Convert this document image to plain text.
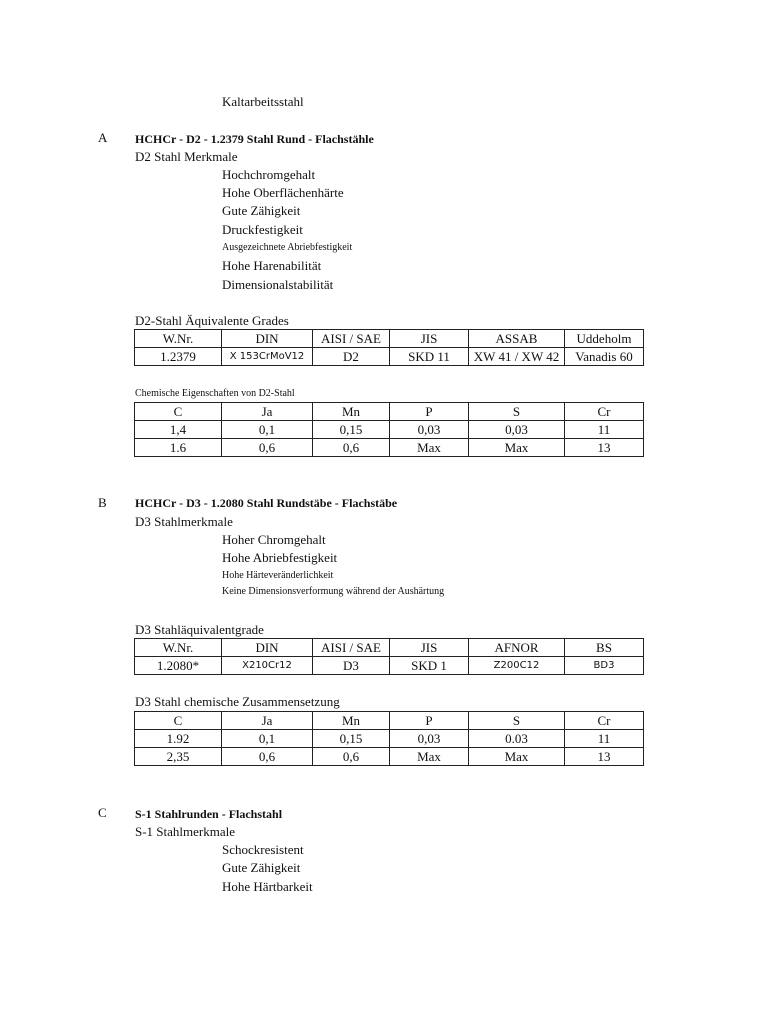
Kaltarbeitsstahl
A HCHCr - D2 - 1.2379 Stahl Rund - Flachstähle
D2 Stahl Merkmale
Hochchromgehalt
Hohe Oberflächenhärte
Gute Zähigkeit
Druckfestigkeit
Ausgezeichnete Abriebfestigkeit
Hohe Harenabilität
Dimensionalstabilität
D2-Stahl Äquivalente Grades
W.Nr.	DIN	AISI / SAE	JIS	ASSAB	Uddeholm
1.2379	X 153CrMoV12	D2	SKD 11	XW 41 / XW 42	Vanadis 60
Chemische Eigenschaften von D2-Stahl
C	Ja	Mn	P	S	Cr
1,4	0,1	0,15	0,03	0,03	11
1.6	0,6	0,6	Max	Max	13
B HCHCr - D3 - 1.2080 Stahl Rundstäbe - Flachstäbe
D3 Stahlmerkmale
Hoher Chromgehalt
Hohe Abriebfestigkeit
Hohe Härteveränderlichkeit
Keine Dimensionsverformung während der Aushärtung
D3 Stahläquivalentgrade
W.Nr.	DIN	AISI / SAE	JIS	AFNOR	BS
1.2080*	X210Cr12	D3	SKD 1	Z200C12	BD3
D3 Stahl chemische Zusammensetzung
C	Ja	Mn	P	S	Cr
1.92	0,1	0,15	0,03	0.03	11
2,35	0,6	0,6	Max	Max	13
C S-1 Stahlrunden - Flachstahl
S-1 Stahlmerkmale
Schockresistent
Gute Zähigkeit
Hohe Härtbarkeit
